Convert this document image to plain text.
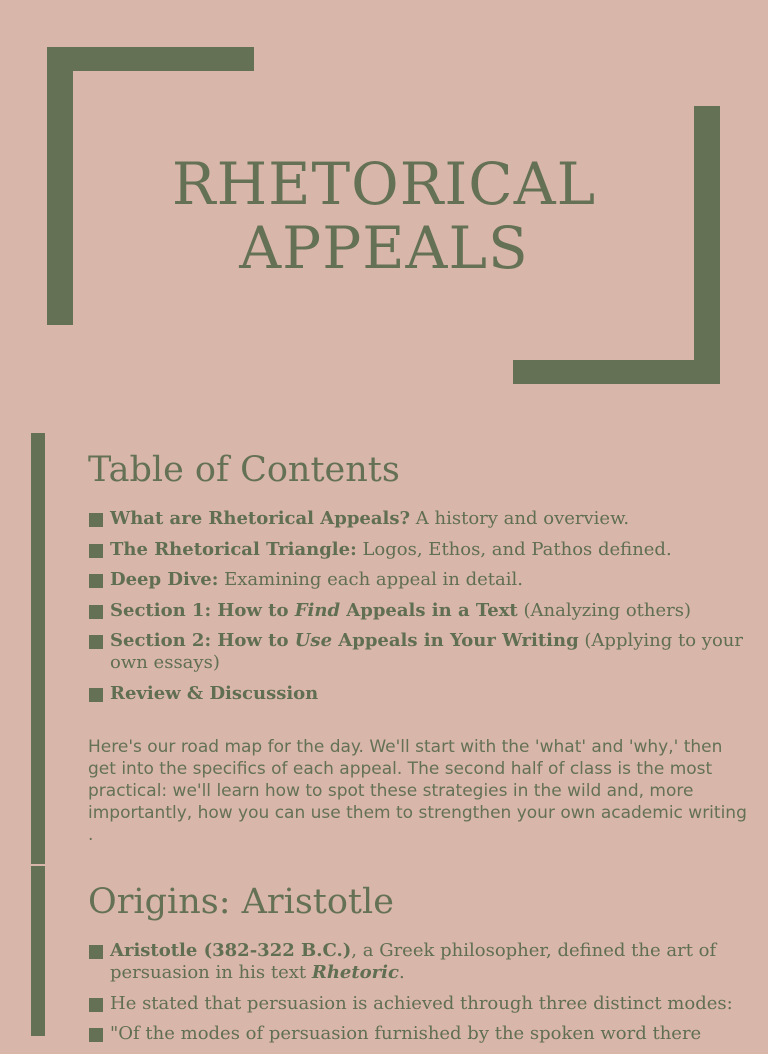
RHETORICAL
APPEALS
Table of Contents
What are Rhetorical Appeals? A history and overview.
The Rhetorical Triangle: Logos, Ethos, and Pathos defined.
Deep Dive: Examining each appeal in detail.
Section 1: How to Find Appeals in a Text (Analyzing others)
Section 2: How to Use Appeals in Your Writing (Applying to your own essays)
Review & Discussion

Here's our road map for the day. We'll start with the 'what' and 'why,' then get into the specifics of each appeal. The second half of class is the most practical: we'll learn how to spot these strategies in the wild and, more importantly, how you can use them to strengthen your own academic writing .

Origins: Aristotle
Aristotle (382-322 B.C.), a Greek philosopher, defined the art of persuasion in his text Rhetoric.
He stated that persuasion is achieved through three distinct modes:
"Of the modes of persuasion furnished by the spoken word there
